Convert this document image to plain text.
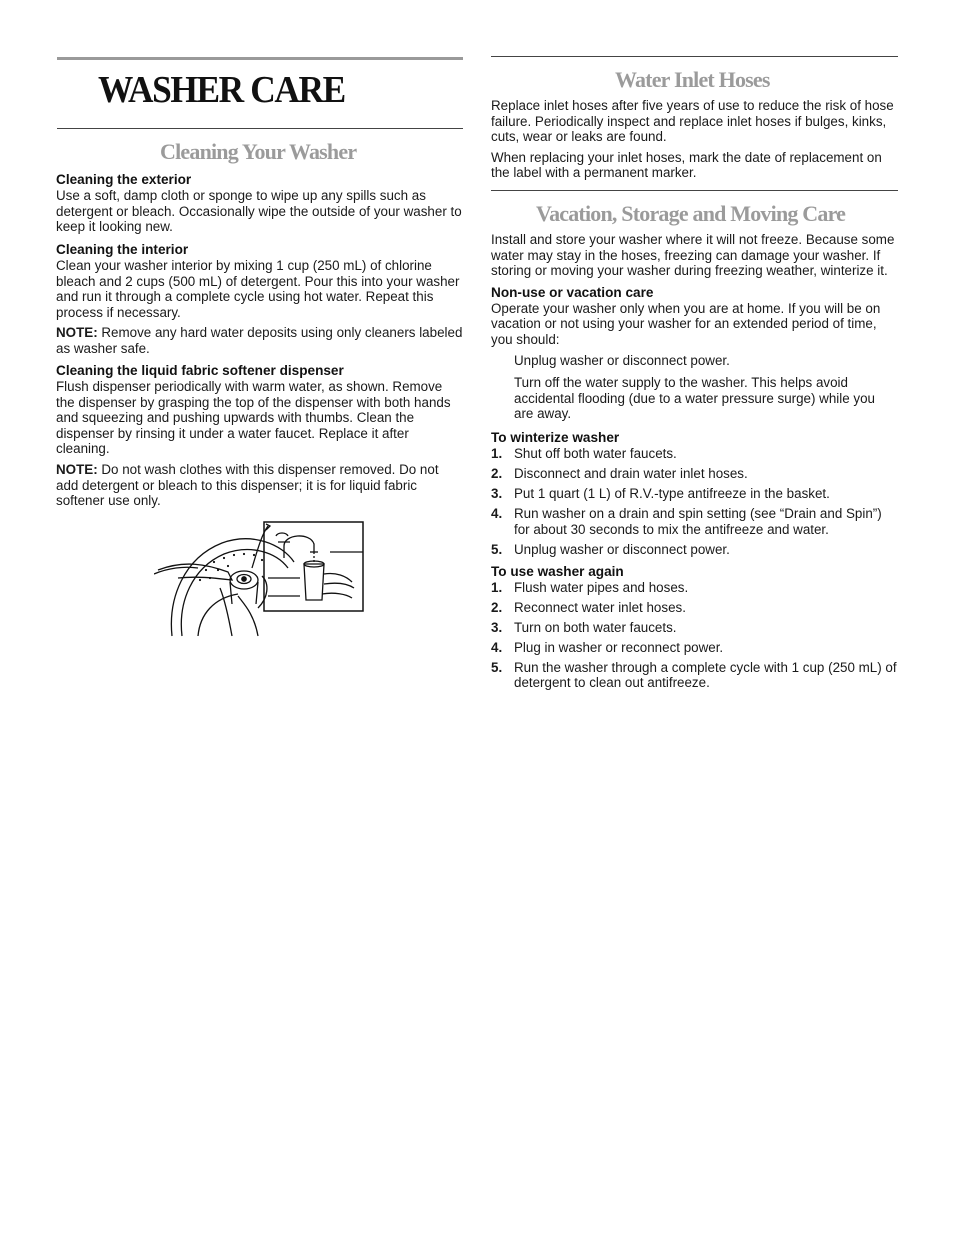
WASHER CARE
Cleaning Your Washer
Cleaning the exterior

Use a soft, damp cloth or sponge to wipe up any spills such as detergent or bleach. Occasionally wipe the outside of your washer to keep it looking new.

Cleaning the interior

Clean your washer interior by mixing 1 cup (250 mL) of chlorine bleach and 2 cups (500 mL) of detergent. Pour this into your washer and run it through a complete cycle using hot water. Repeat this process if necessary.

NOTE: Remove any hard water deposits using only cleaners labeled as washer safe.

Cleaning the liquid fabric softener dispenser

Flush dispenser periodically with warm water, as shown. Remove the dispenser by grasping the top of the dispenser with both hands and squeezing and pushing upwards with thumbs. Clean the dispenser by rinsing it under a water faucet. Replace it after cleaning.

NOTE: Do not wash clothes with this dispenser removed. Do not add detergent or bleach to this dispenser; it is for liquid fabric softener use only.

Water Inlet Hoses

Replace inlet hoses after five years of use to reduce the risk of hose failure. Periodically inspect and replace inlet hoses if bulges, kinks, cuts, wear or leaks are found.

When replacing your inlet hoses, mark the date of replacement on the label with a permanent marker.

Vacation, Storage and Moving Care

Install and store your washer where it will not freeze. Because some water may stay in the hoses, freezing can damage your washer. If storing or moving your washer during freezing weather, winterize it.

Non-use or vacation care

Operate your washer only when you are at home. If you will be on vacation or not using your washer for an extended period of time, you should:

Unplug washer or disconnect power.

Turn off the water supply to the washer. This helps avoid accidental flooding (due to a water pressure surge) while you are away.

To winterize washer
1. Shut off both water faucets.
2. Disconnect and drain water inlet hoses.
3. Put 1 quart (1 L) of R.V.-type antifreeze in the basket.
4. Run washer on a drain and spin setting (see “Drain and Spin”) for about 30 seconds to mix the antifreeze and water.
5. Unplug washer or disconnect power.
To use washer again
1. Flush water pipes and hoses.
2. Reconnect water inlet hoses.
3. Turn on both water faucets.
4. Plug in washer or reconnect power.
5. Run the washer through a complete cycle with 1 cup (250 mL) of detergent to clean out antifreeze.
